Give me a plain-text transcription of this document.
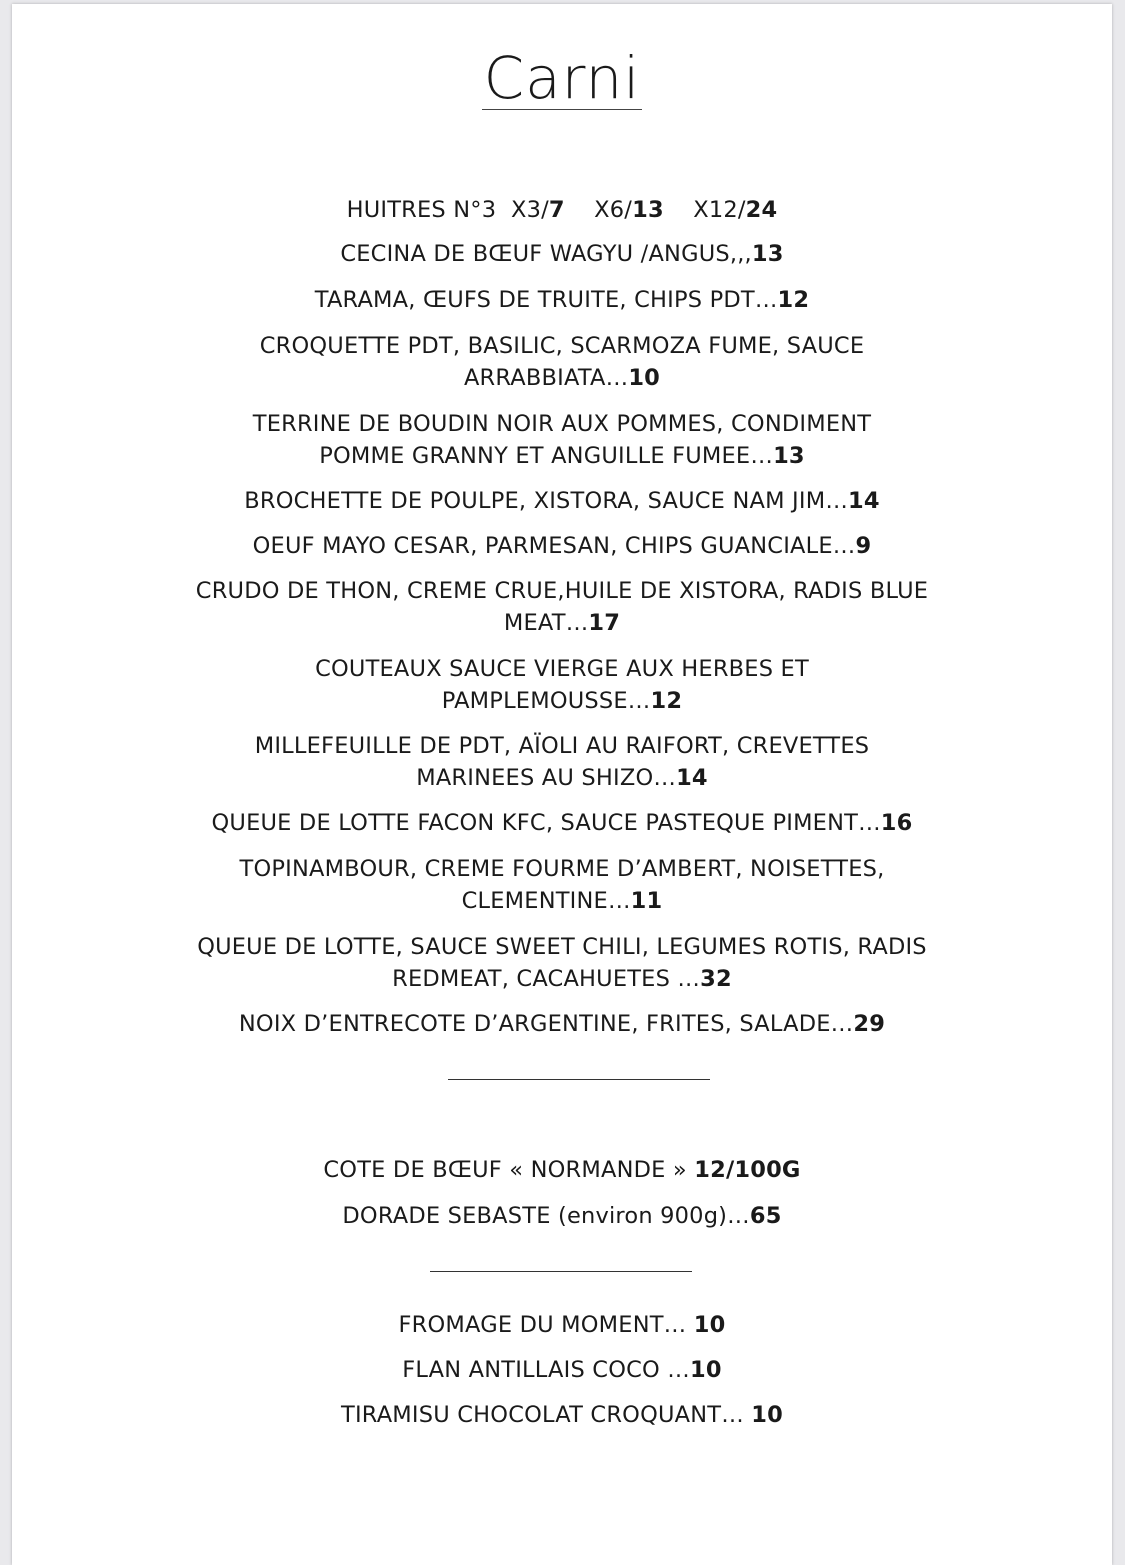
Carni
HUITRES N°3 X3/7 X6/13 X12/24
CECINA DE BŒUF WAGYU /ANGUS,,,13
TARAMA, ŒUFS DE TRUITE, CHIPS PDT…12
CROQUETTE PDT, BASILIC, SCARMOZA FUME, SAUCE ARRABBIATA…10
TERRINE DE BOUDIN NOIR AUX POMMES, CONDIMENT POMME GRANNY ET ANGUILLE FUMEE…13
BROCHETTE DE POULPE, XISTORA, SAUCE NAM JIM…14
OEUF MAYO CESAR, PARMESAN, CHIPS GUANCIALE…9
CRUDO DE THON, CREME CRUE,HUILE DE XISTORA, RADIS BLUE MEAT…17
COUTEAUX SAUCE VIERGE AUX HERBES ET PAMPLEMOUSSE…12
MILLEFEUILLE DE PDT, AÏOLI AU RAIFORT, CREVETTES MARINEES AU SHIZO…14
QUEUE DE LOTTE FACON KFC, SAUCE PASTEQUE PIMENT…16
TOPINAMBOUR, CREME FOURME D’AMBERT, NOISETTES, CLEMENTINE…11
QUEUE DE LOTTE, SAUCE SWEET CHILI, LEGUMES ROTIS, RADIS REDMEAT, CACAHUETES …32
NOIX D’ENTRECOTE D’ARGENTINE, FRITES, SALADE…29
COTE DE BŒUF « NORMANDE » 12/100G
DORADE SEBASTE (environ 900g)…65
FROMAGE DU MOMENT… 10
FLAN ANTILLAIS COCO …10
TIRAMISU CHOCOLAT CROQUANT… 10
